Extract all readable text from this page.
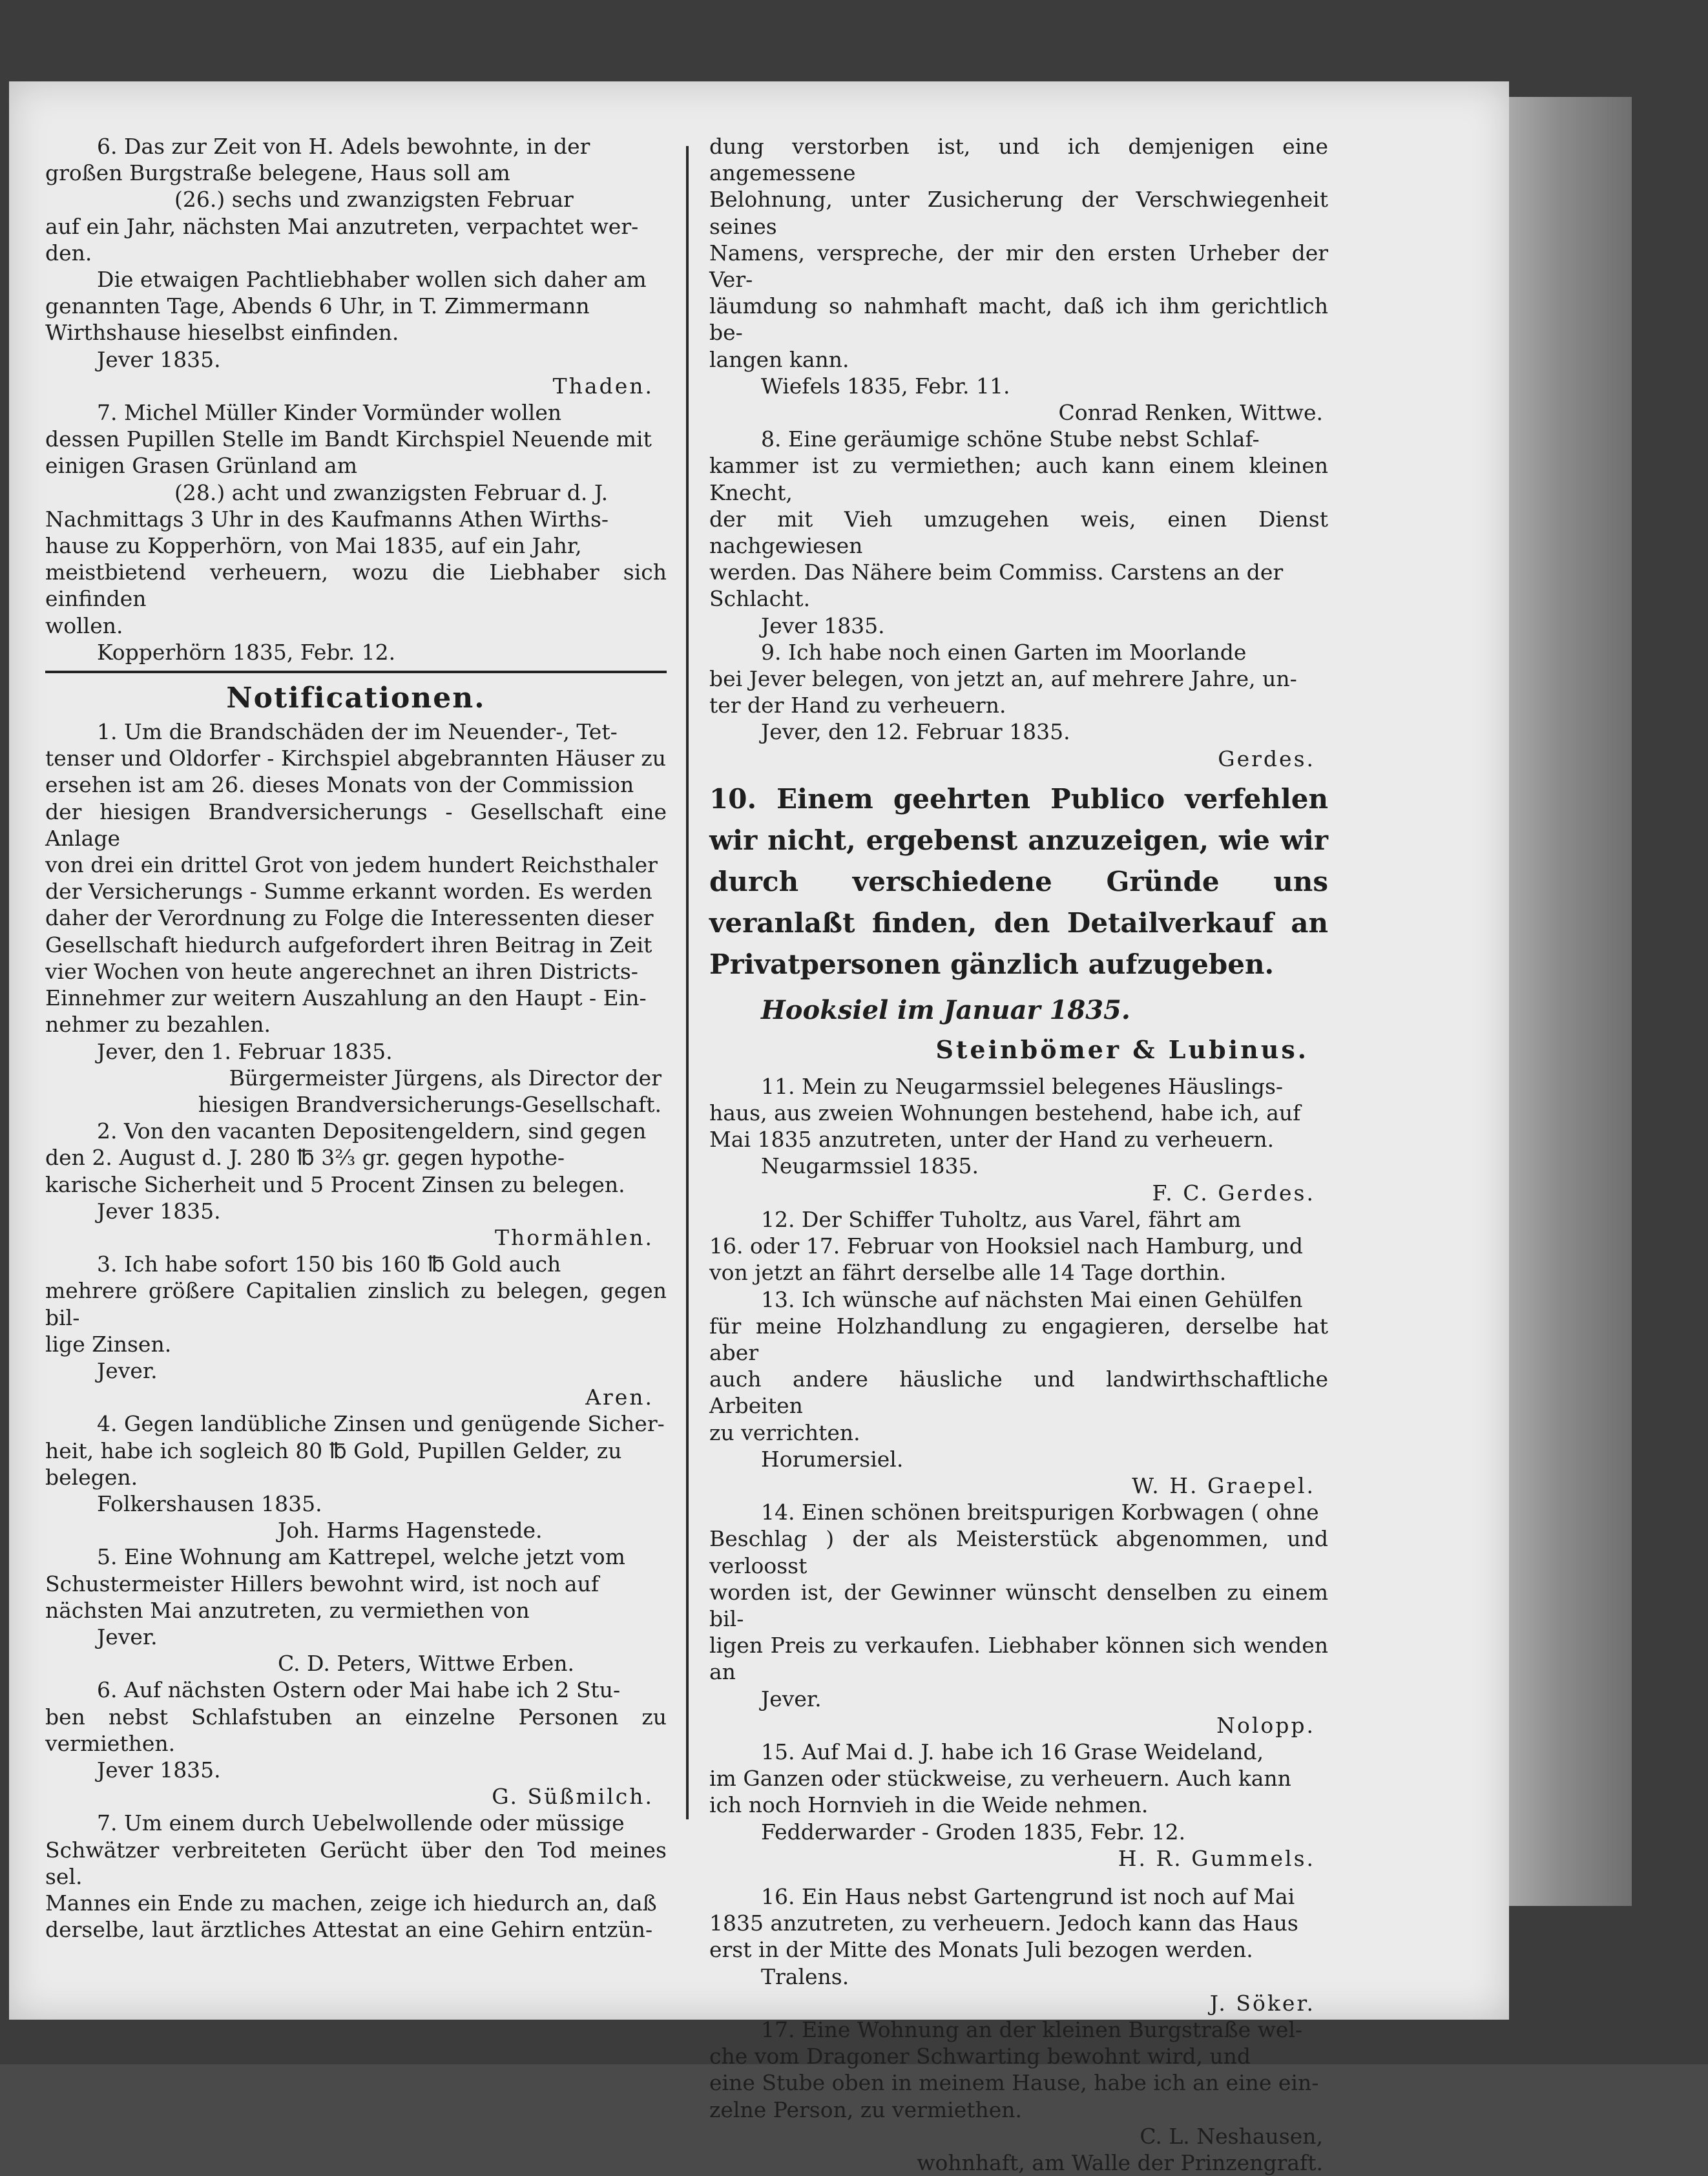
6. Das zur Zeit von H. Adels bewohnte, in der

großen Burgstraße belegene, Haus soll am

(26.) sechs und zwanzigsten Februar

auf ein Jahr, nächsten Mai anzutreten, verpachtet wer-

den.

Die etwaigen Pachtliebhaber wollen sich daher am

genannten Tage, Abends 6 Uhr, in T. Zimmermann

Wirthshause hieselbst einfinden.

Jever 1835.

Thaden.

7. Michel Müller Kinder Vormünder wollen

dessen Pupillen Stelle im Bandt Kirchspiel Neuende mit

einigen Grasen Grünland am

(28.) acht und zwanzigsten Februar d. J.

Nachmittags 3 Uhr in des Kaufmanns Athen Wirths-

hause zu Kopperhörn, von Mai 1835, auf ein Jahr,

meistbietend verheuern, wozu die Liebhaber sich einfinden

wollen.

Kopperhörn 1835, Febr. 12.

Notificationen.

1. Um die Brandschäden der im Neuender-, Tet-

tenser und Oldorfer - Kirchspiel abgebrannten Häuser zu

ersehen ist am 26. dieses Monats von der Commission

der hiesigen Brandversicherungs - Gesellschaft eine Anlage

von drei ein drittel Grot von jedem hundert Reichsthaler

der Versicherungs - Summe erkannt worden. Es werden

daher der Verordnung zu Folge die Interessenten dieser

Gesellschaft hiedurch aufgefordert ihren Beitrag in Zeit

vier Wochen von heute angerechnet an ihren Districts-

Einnehmer zur weitern Auszahlung an den Haupt - Ein-

nehmer zu bezahlen.

Jever, den 1. Februar 1835.

Bürgermeister Jürgens, als Director der

hiesigen Brandversicherungs-Gesellschaft.

2. Von den vacanten Depositengeldern, sind gegen

den 2. August d. J. 280 ℔ 3⅔ gr. gegen hypothe-

karische Sicherheit und 5 Procent Zinsen zu belegen.

Jever 1835.

Thormählen.

3. Ich habe sofort 150 bis 160 ℔ Gold auch

mehrere größere Capitalien zinslich zu belegen, gegen bil-

lige Zinsen.

Jever.

Aren.

4. Gegen landübliche Zinsen und genügende Sicher-

heit, habe ich sogleich 80 ℔ Gold, Pupillen Gelder, zu

belegen.

Folkershausen 1835.

Joh. Harms Hagenstede.

5. Eine Wohnung am Kattrepel, welche jetzt vom

Schustermeister Hillers bewohnt wird, ist noch auf

nächsten Mai anzutreten, zu vermiethen von

Jever.

C. D. Peters, Wittwe Erben.

6. Auf nächsten Ostern oder Mai habe ich 2 Stu-

ben nebst Schlafstuben an einzelne Personen zu vermiethen.

Jever 1835.

G. Süßmilch.

7. Um einem durch Uebelwollende oder müssige

Schwätzer verbreiteten Gerücht über den Tod meines sel.

Mannes ein Ende zu machen, zeige ich hiedurch an, daß

derselbe, laut ärztliches Attestat an eine Gehirn entzün-

dung verstorben ist, und ich demjenigen eine angemessene

Belohnung, unter Zusicherung der Verschwiegenheit seines

Namens, verspreche, der mir den ersten Urheber der Ver-

läumdung so nahmhaft macht, daß ich ihm gerichtlich be-

langen kann.

Wiefels 1835, Febr. 11.

Conrad Renken, Wittwe.

8. Eine geräumige schöne Stube nebst Schlaf-

kammer ist zu vermiethen; auch kann einem kleinen Knecht,

der mit Vieh umzugehen weis, einen Dienst nachgewiesen

werden. Das Nähere beim Commiss. Carstens an der

Schlacht.

Jever 1835.

9. Ich habe noch einen Garten im Moorlande

bei Jever belegen, von jetzt an, auf mehrere Jahre, un-

ter der Hand zu verheuern.

Jever, den 12. Februar 1835.

Gerdes.

10. Einem geehrten Publico verfehlen wir nicht, ergebenst anzuzeigen, wie wir durch verschiedene Gründe uns veranlaßt finden, den Detailverkauf an Privatpersonen gänzlich aufzugeben.

Hooksiel im Januar 1835.

Steinbömer & Lubinus.

11. Mein zu Neugarmssiel belegenes Häuslings-

haus, aus zweien Wohnungen bestehend, habe ich, auf

Mai 1835 anzutreten, unter der Hand zu verheuern.

Neugarmssiel 1835.

F. C. Gerdes.

12. Der Schiffer Tuholtz, aus Varel, fährt am

16. oder 17. Februar von Hooksiel nach Hamburg, und

von jetzt an fährt derselbe alle 14 Tage dorthin.

13. Ich wünsche auf nächsten Mai einen Gehülfen

für meine Holzhandlung zu engagieren, derselbe hat aber

auch andere häusliche und landwirthschaftliche Arbeiten

zu verrichten.

Horumersiel.

W. H. Graepel.

14. Einen schönen breitspurigen Korbwagen ( ohne

Beschlag ) der als Meisterstück abgenommen, und verloosst

worden ist, der Gewinner wünscht denselben zu einem bil-

ligen Preis zu verkaufen. Liebhaber können sich wenden an

Jever.

Nolopp.

15. Auf Mai d. J. habe ich 16 Grase Weideland,

im Ganzen oder stückweise, zu verheuern. Auch kann

ich noch Hornvieh in die Weide nehmen.

Fedderwarder - Groden 1835, Febr. 12.

H. R. Gummels.

16. Ein Haus nebst Gartengrund ist noch auf Mai

1835 anzutreten, zu verheuern. Jedoch kann das Haus

erst in der Mitte des Monats Juli bezogen werden.

Tralens.

J. Söker.

17. Eine Wohnung an der kleinen Burgstraße wel-

che vom Dragoner Schwarting bewohnt wird, und

eine Stube oben in meinem Hause, habe ich an eine ein-

zelne Person, zu vermiethen.

C. L. Neshausen,

wohnhaft, am Walle der Prinzengraft.
